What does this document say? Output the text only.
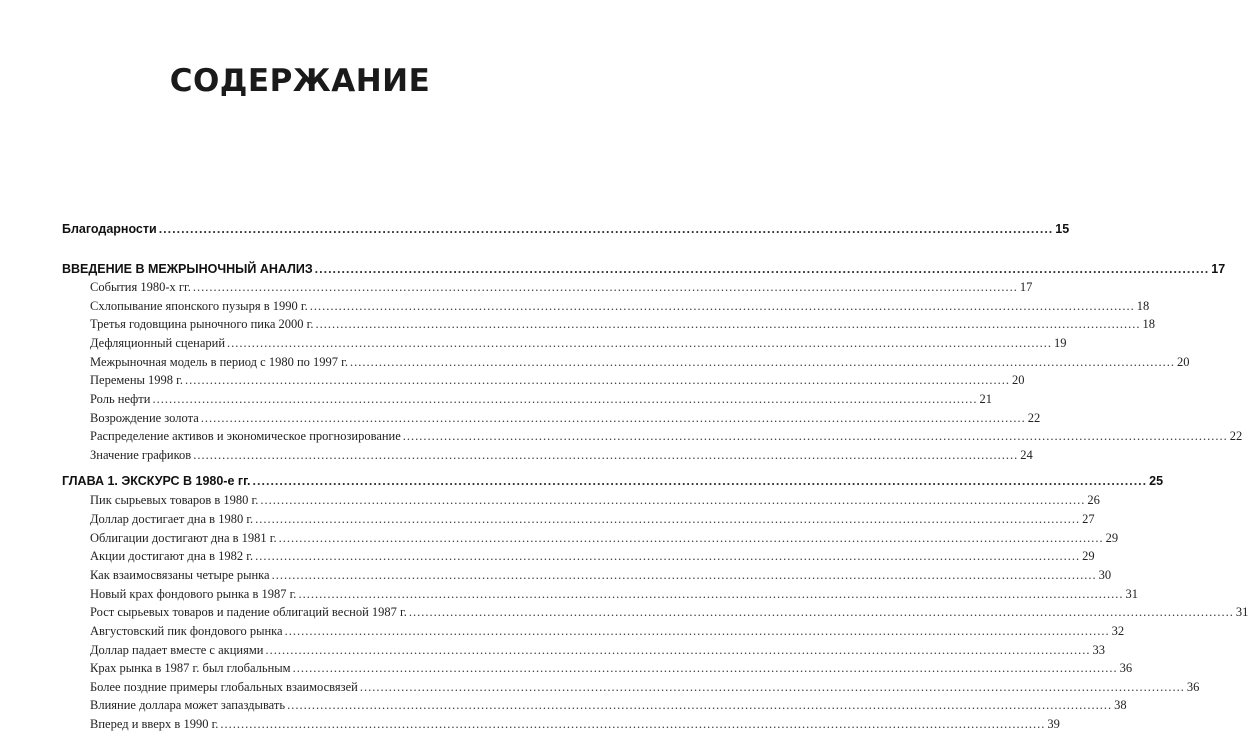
СОДЕРЖАНИЕ
Благодарности ........................................................................................................................................................................................................ 15
ВВЕДЕНИЕ В МЕЖРЫНОЧНЫЙ АНАЛИЗ ........................................................................................................................................................................................................ 17
События 1980-х гг. ........................................................................................................................................................................................................ 17
Схлопывание японского пузыря в 1990 г. ........................................................................................................................................................................................................ 18
Третья годовщина рыночного пика 2000 г. ........................................................................................................................................................................................................ 18
Дефляционный сценарий ........................................................................................................................................................................................................ 19
Межрыночная модель в период с 1980 по 1997 г. ........................................................................................................................................................................................................ 20
Перемены 1998 г. ........................................................................................................................................................................................................ 20
Роль нефти ........................................................................................................................................................................................................ 21
Возрождение золота ........................................................................................................................................................................................................ 22
Распределение активов и экономическое прогнозирование ........................................................................................................................................................................................................ 22
Значение графиков ........................................................................................................................................................................................................ 24
ГЛАВА 1. ЭКСКУРС В 1980-е гг. ........................................................................................................................................................................................................ 25
Пик сырьевых товаров в 1980 г. ........................................................................................................................................................................................................ 26
Доллар достигает дна в 1980 г. ........................................................................................................................................................................................................ 27
Облигации достигают дна в 1981 г. ........................................................................................................................................................................................................ 29
Акции достигают дна в 1982 г. ........................................................................................................................................................................................................ 29
Как взаимосвязаны четыре рынка ........................................................................................................................................................................................................ 30
Новый крах фондового рынка в 1987 г. ........................................................................................................................................................................................................ 31
Рост сырьевых товаров и падение облигаций весной 1987 г. ........................................................................................................................................................................................................ 31
Августовский пик фондового рынка ........................................................................................................................................................................................................ 32
Доллар падает вместе с акциями ........................................................................................................................................................................................................ 33
Крах рынка в 1987 г. был глобальным ........................................................................................................................................................................................................ 36
Более поздние примеры глобальных взаимосвязей ........................................................................................................................................................................................................ 36
Влияние доллара может запаздывать ........................................................................................................................................................................................................ 38
Вперед и вверх в 1990 г. ........................................................................................................................................................................................................ 39
